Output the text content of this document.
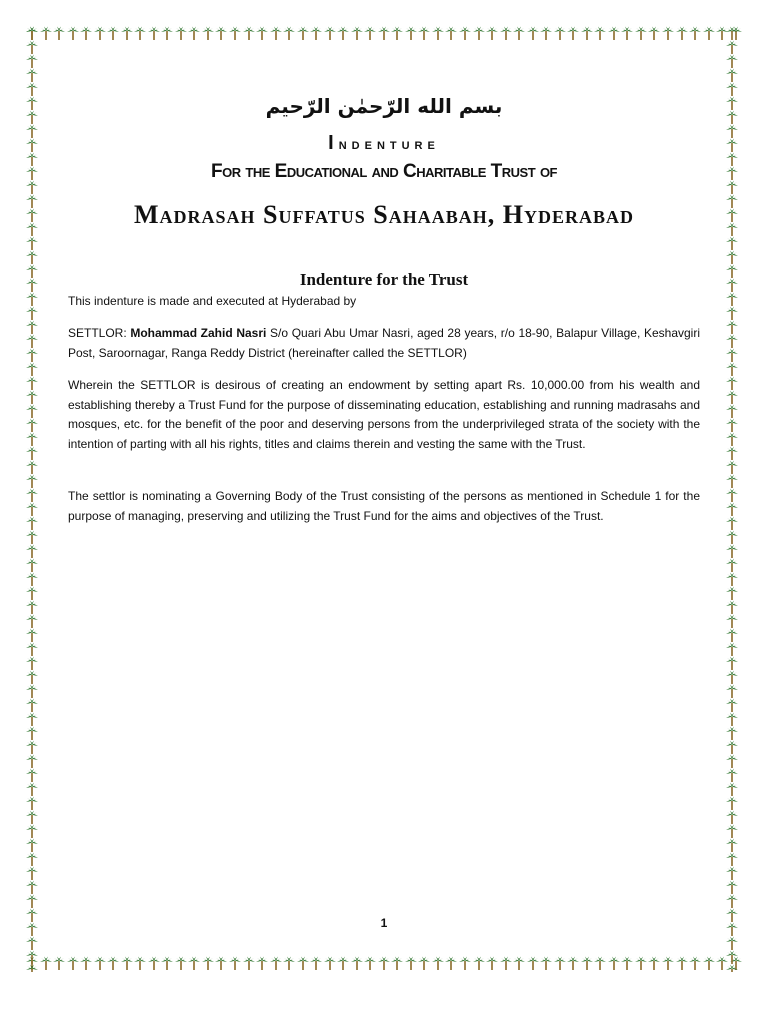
بسم الله الرّحمٰن الرّحيم
Indenture
For the Educational and Charitable Trust of
Madrasah Suffatus Sahaabah, Hyderabad
Indenture for the Trust
This indenture is made and executed at Hyderabad by
SETTLOR: Mohammad Zahid Nasri S/o Quari Abu Umar Nasri, aged 28 years, r/o 18-90, Balapur Village, Keshavgiri Post, Saroornagar, Ranga Reddy District (hereinafter called the SETTLOR)
Wherein the SETTLOR is desirous of creating an endowment by setting apart Rs. 10,000.00 from his wealth and establishing thereby a Trust Fund for the purpose of disseminating education, establishing and running madrasahs and mosques, etc. for the benefit of the poor and deserving persons from the underprivileged strata of the society with the intention of parting with all his rights, titles and claims therein and vesting the same with the Trust.
The settlor is nominating a Governing Body of the Trust consisting of the persons as mentioned in Schedule 1 for the purpose of managing, preserving and utilizing the Trust Fund for the aims and objectives of the Trust.
1
